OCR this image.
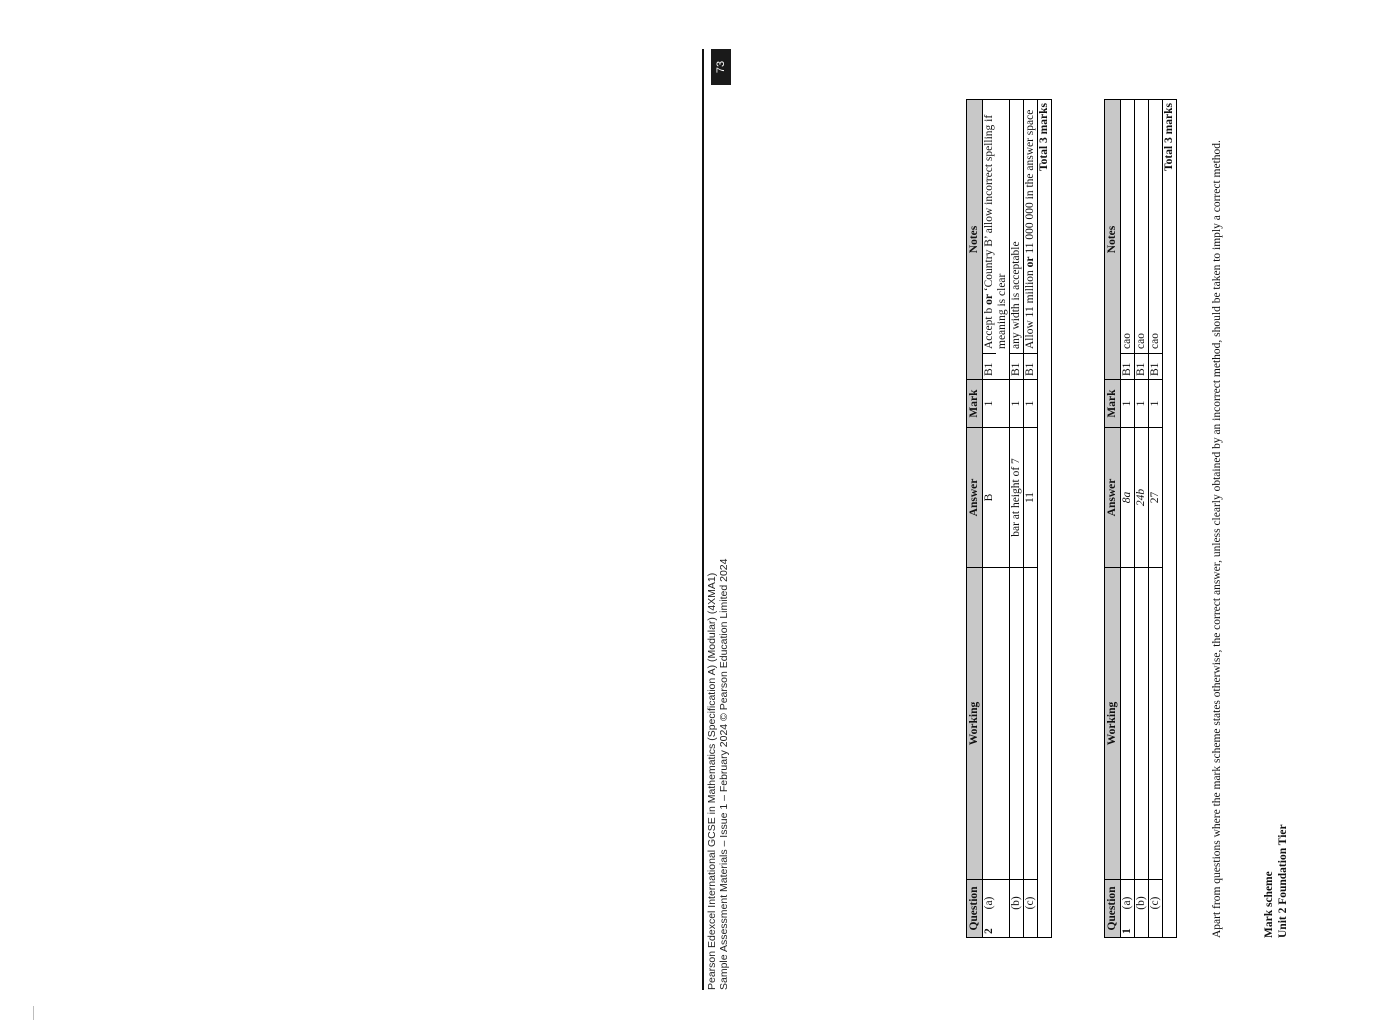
73
Pearson Edexcel International GCSE in Mathematics (Specification A) (Modular) (4XMA1) Sample Assessment Materials – Issue 1 – February 2024 © Pearson Education Limited 2024	Unit 2 Foundation Tier
Mark scheme
Apart from questions where the mark scheme states otherwise, the correct answer, unless clearly obtained by an incorrect method, should be taken to imply a correct method.
Question	Working	Answer	Mark	Notes
1(a)		8a	1	B1
cao

(b)		24b	1	B1
cao

(c)		27	1	B1
cao

Total 3 marks				
Question	Working	Answer	Mark	Notes
2(a)		B	1	B1
Accept b or ‘Country B’ allow incorrect spelling if meaning is clear

(b)		bar at height of 7	1	B1
any width is acceptable

(c)		11	1	B1
Allow 11 million or 11 000 000 in the answer space

Total 3 marks				
